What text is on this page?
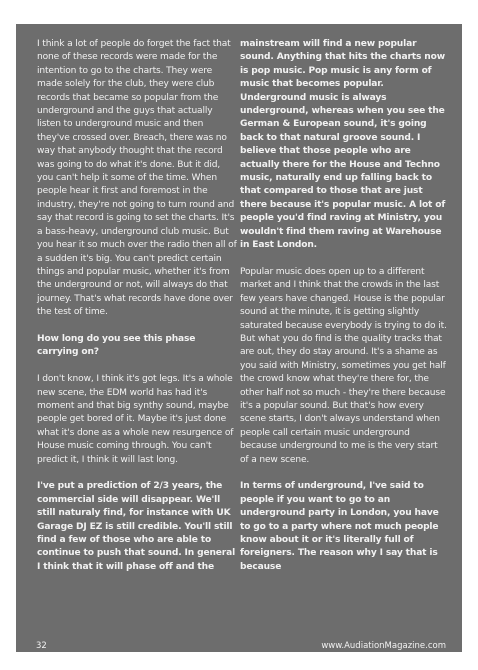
I think a lot of people do forget the fact that none of these records were made for the intention to go to the charts. They were made solely for the club, they were club records that became so popular from the underground and the guys that actually listen to underground music and then they've crossed over. Breach, there was no way that anybody thought that the record was going to do what it's done. But it did, you can't help it some of the time. When people hear it first and foremost in the industry, they're not going to turn round and say that record is going to set the charts. It's a bass-heavy, underground club music. But you hear it so much over the radio then all of a sudden it's big. You can't predict certain things and popular music, whether it's from the underground or not, will always do that journey. That's what records have done over the test of time.

How long do you see this phase carrying on?

I don't know, I think it's got legs. It's a whole new scene, the EDM world has had it's moment and that big synthy sound, maybe people get bored of it. Maybe it's just done what it's done as a whole new resurgence of House music coming through. You can't predict it, I think it will last long.

I've put a prediction of 2/3 years, the commercial side will disappear. We'll still naturaly find, for instance with UK Garage DJ EZ is still credible. You'll still find a few of those who are able to continue to push that sound. In general I think that it will phase off and the

mainstream will find a new popular sound. Anything that hits the charts now is pop music. Pop music is any form of music that becomes popular. Underground music is always underground, whereas when you see the German & European sound, it's going back to that natural groove sound. I believe that those people who are actually there for the House and Techno music, naturally end up falling back to that compared to those that are just there because it's popular music. A lot of people you'd find raving at Ministry, you wouldn't find them raving at Warehouse in East London.

Popular music does open up to a different market and I think that the crowds in the last few years have changed. House is the popular sound at the minute, it is getting slightly saturated because everybody is trying to do it. But what you do find is the quality tracks that are out, they do stay around. It's a shame as you said with Ministry, sometimes you get half the crowd know what they're there for, the other half not so much - they're there because it's a popular sound. But that's how every scene starts, I don't always understand when people call certain music underground because underground to me is the very start of a new scene.

In terms of underground, I've said to people if you want to go to an underground party in London, you have to go to a party where not much people know about it or it's literally full of foreigners. The reason why I say that is because

32	www.AudiationMagazine.com
